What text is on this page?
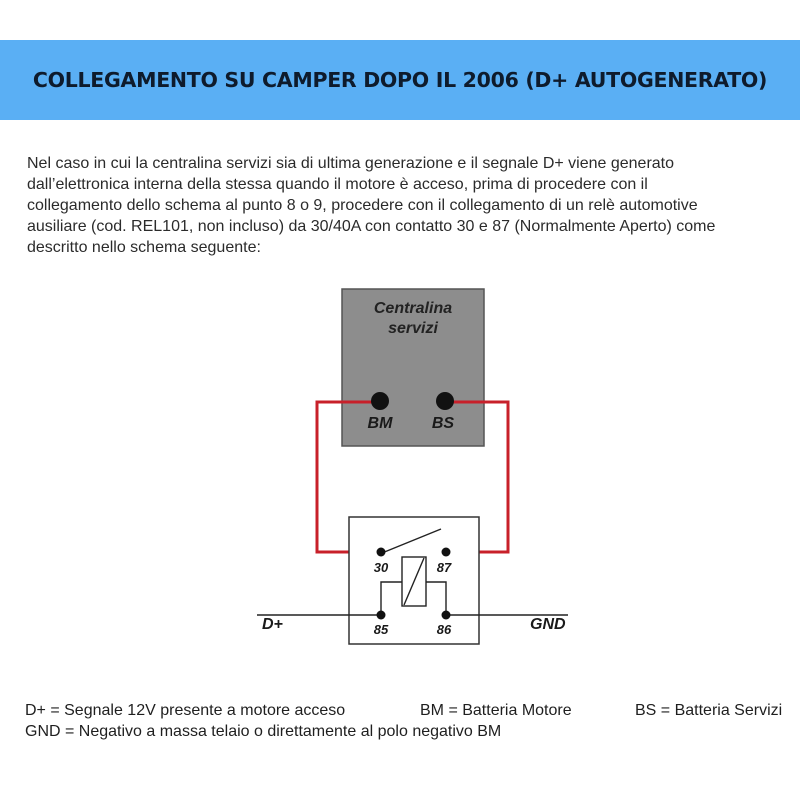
COLLEGAMENTO SU CAMPER DOPO IL 2006 (D+ AUTOGENERATO)

Nel caso in cui la centralina servizi sia di ultima generazione e il segnale D+ viene generato

dall’elettronica interna della stessa quando il motore è acceso, prima di procedere con il

collegamento dello schema al punto 8 o 9, procedere con il collegamento di un relè automotive

ausiliare (cod. REL101, non incluso) da 30/40A con contatto 30 e 87 (Normalmente Aperto) come

descritto nello schema seguente:

Centralina
servizi
BM BS
30	87
85	86
D+	GND
D+ = Segnale 12V presente a motore acceso	BM = Batteria Motore	BS = Batteria Servizi
GND = Negativo a massa telaio o direttamente al polo negativo BM
